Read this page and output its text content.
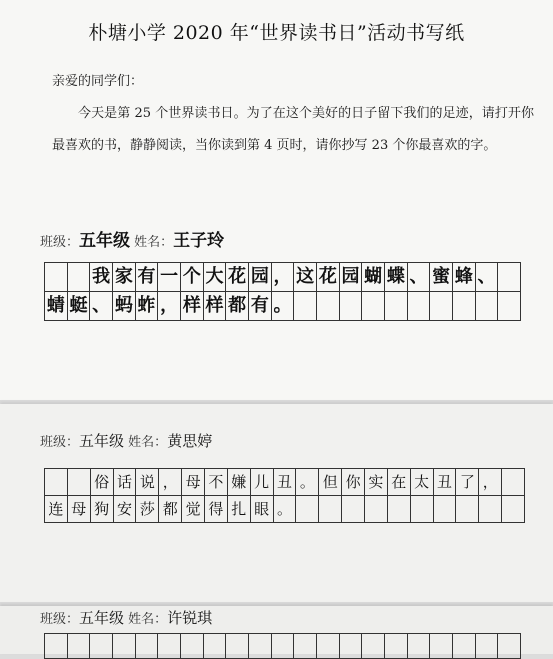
朴塘小学 2020 年“世界读书日”活动书写纸
亲爱的同学们：
今天是第 25 个世界读书日。为了在这个美好的日子留下我们的足迹，请打开你最喜欢的书，静静阅读，当你读到第 4 页时，请你抄写 23 个你最喜欢的字。
班级：五年级 姓名：王子玲
我 家 有 一 个 大 花 园 ， 这 花 园 蝴 蝶 、 蜜 蜂 、
蜻 蜓 、 蚂 蚱 ， 样 样 都 有 。
班级：五年级 姓名：黄思婷
俗 话 说 ， 母 不 嫌 儿 丑 。 但 你 实 在 太 丑 了 ，
连 母 狗 安 莎 都 觉 得 扎 眼 。
班级：五年级 姓名：许锐琪
